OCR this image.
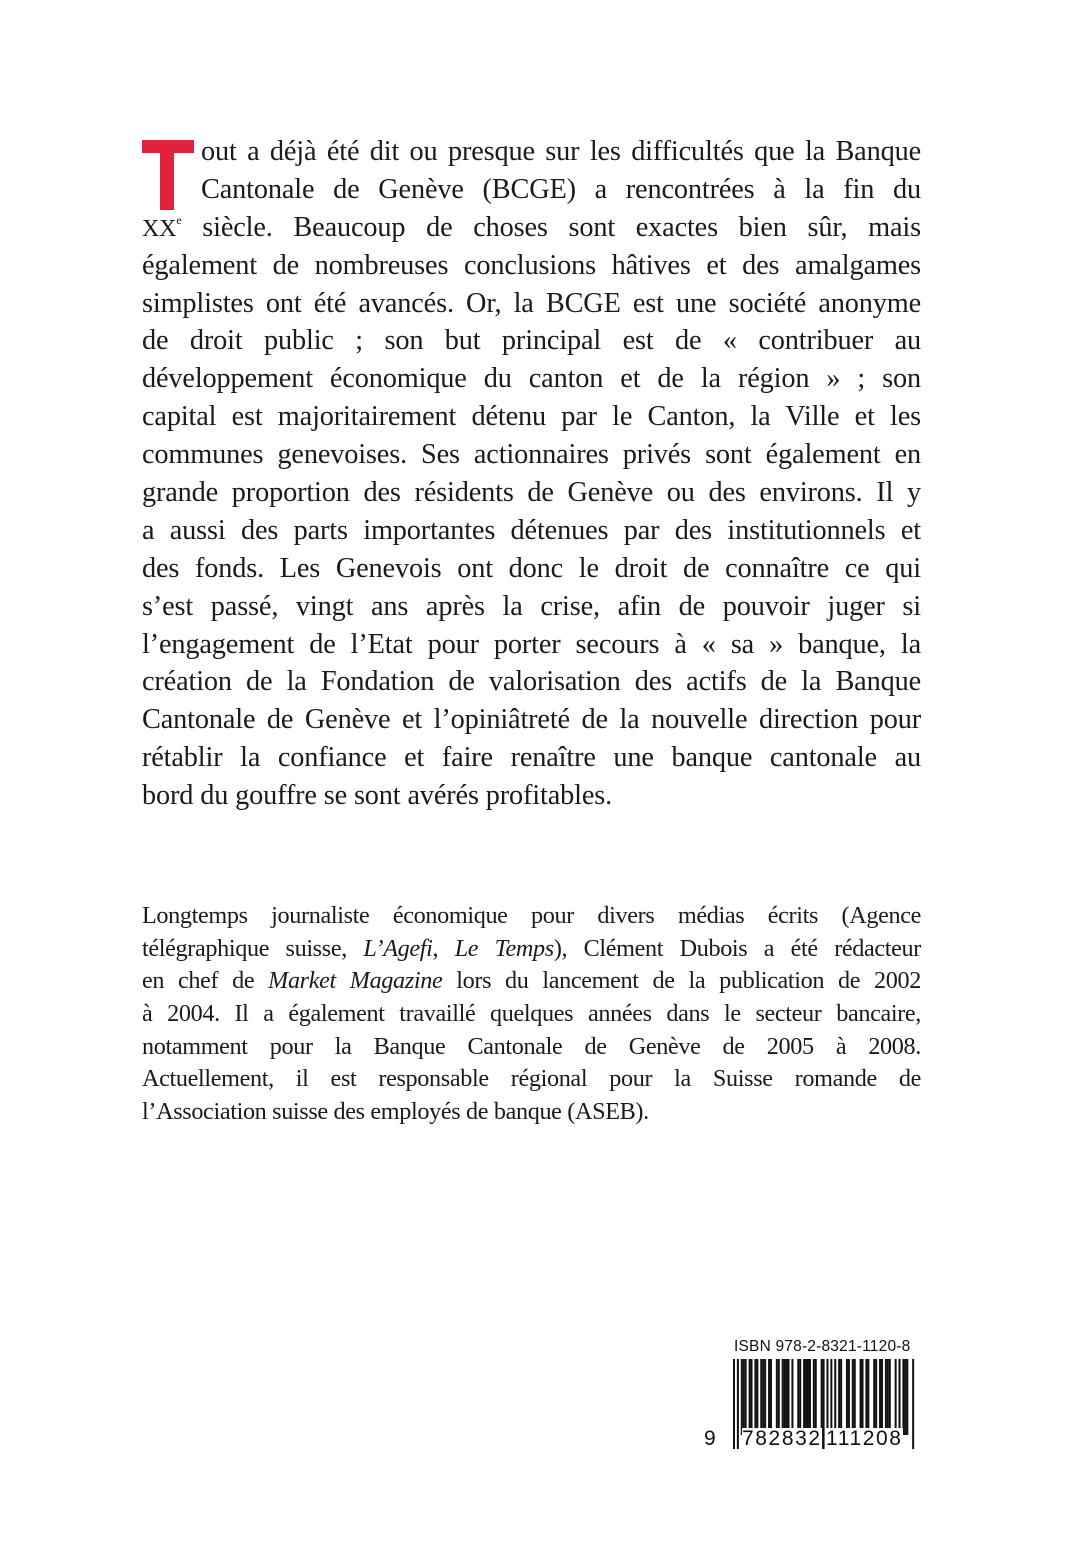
out a déjà été dit ou presque sur les difficultés que la Banque
Cantonale de Genève (BCGE) a rencontrées à la fin du
XXe siècle. Beaucoup de choses sont exactes bien sûr, mais
également de nombreuses conclusions hâtives et des amalgames
simplistes ont été avancés. Or, la BCGE est une société anonyme
de droit public ; son but principal est de « contribuer au
développement économique du canton et de la région » ; son
capital est majoritairement détenu par le Canton, la Ville et les
communes genevoises. Ses actionnaires privés sont également en
grande proportion des résidents de Genève ou des environs. Il y
a aussi des parts importantes détenues par des institutionnels et
des fonds. Les Genevois ont donc le droit de connaître ce qui
s’est passé, vingt ans après la crise, afin de pouvoir juger si
l’engagement de l’Etat pour porter secours à « sa » banque, la
création de la Fondation de valorisation des actifs de la Banque
Cantonale de Genève et l’opiniâtreté de la nouvelle direction pour
rétablir la confiance et faire renaître une banque cantonale au
bord du gouffre se sont avérés profitables.
Longtemps journaliste économique pour divers médias écrits (Agence
télégraphique suisse, L’Agefi, Le Temps), Clément Dubois a été rédacteur
en chef de Market Magazine lors du lancement de la publication de 2002
à 2004. Il a également travaillé quelques années dans le secteur bancaire,
notamment pour la Banque Cantonale de Genève de 2005 à 2008.
Actuellement, il est responsable régional pour la Suisse romande de
l’Association suisse des employés de banque (ASEB).
ISBN 978-2-8321-1120-8
9 782832 111208
